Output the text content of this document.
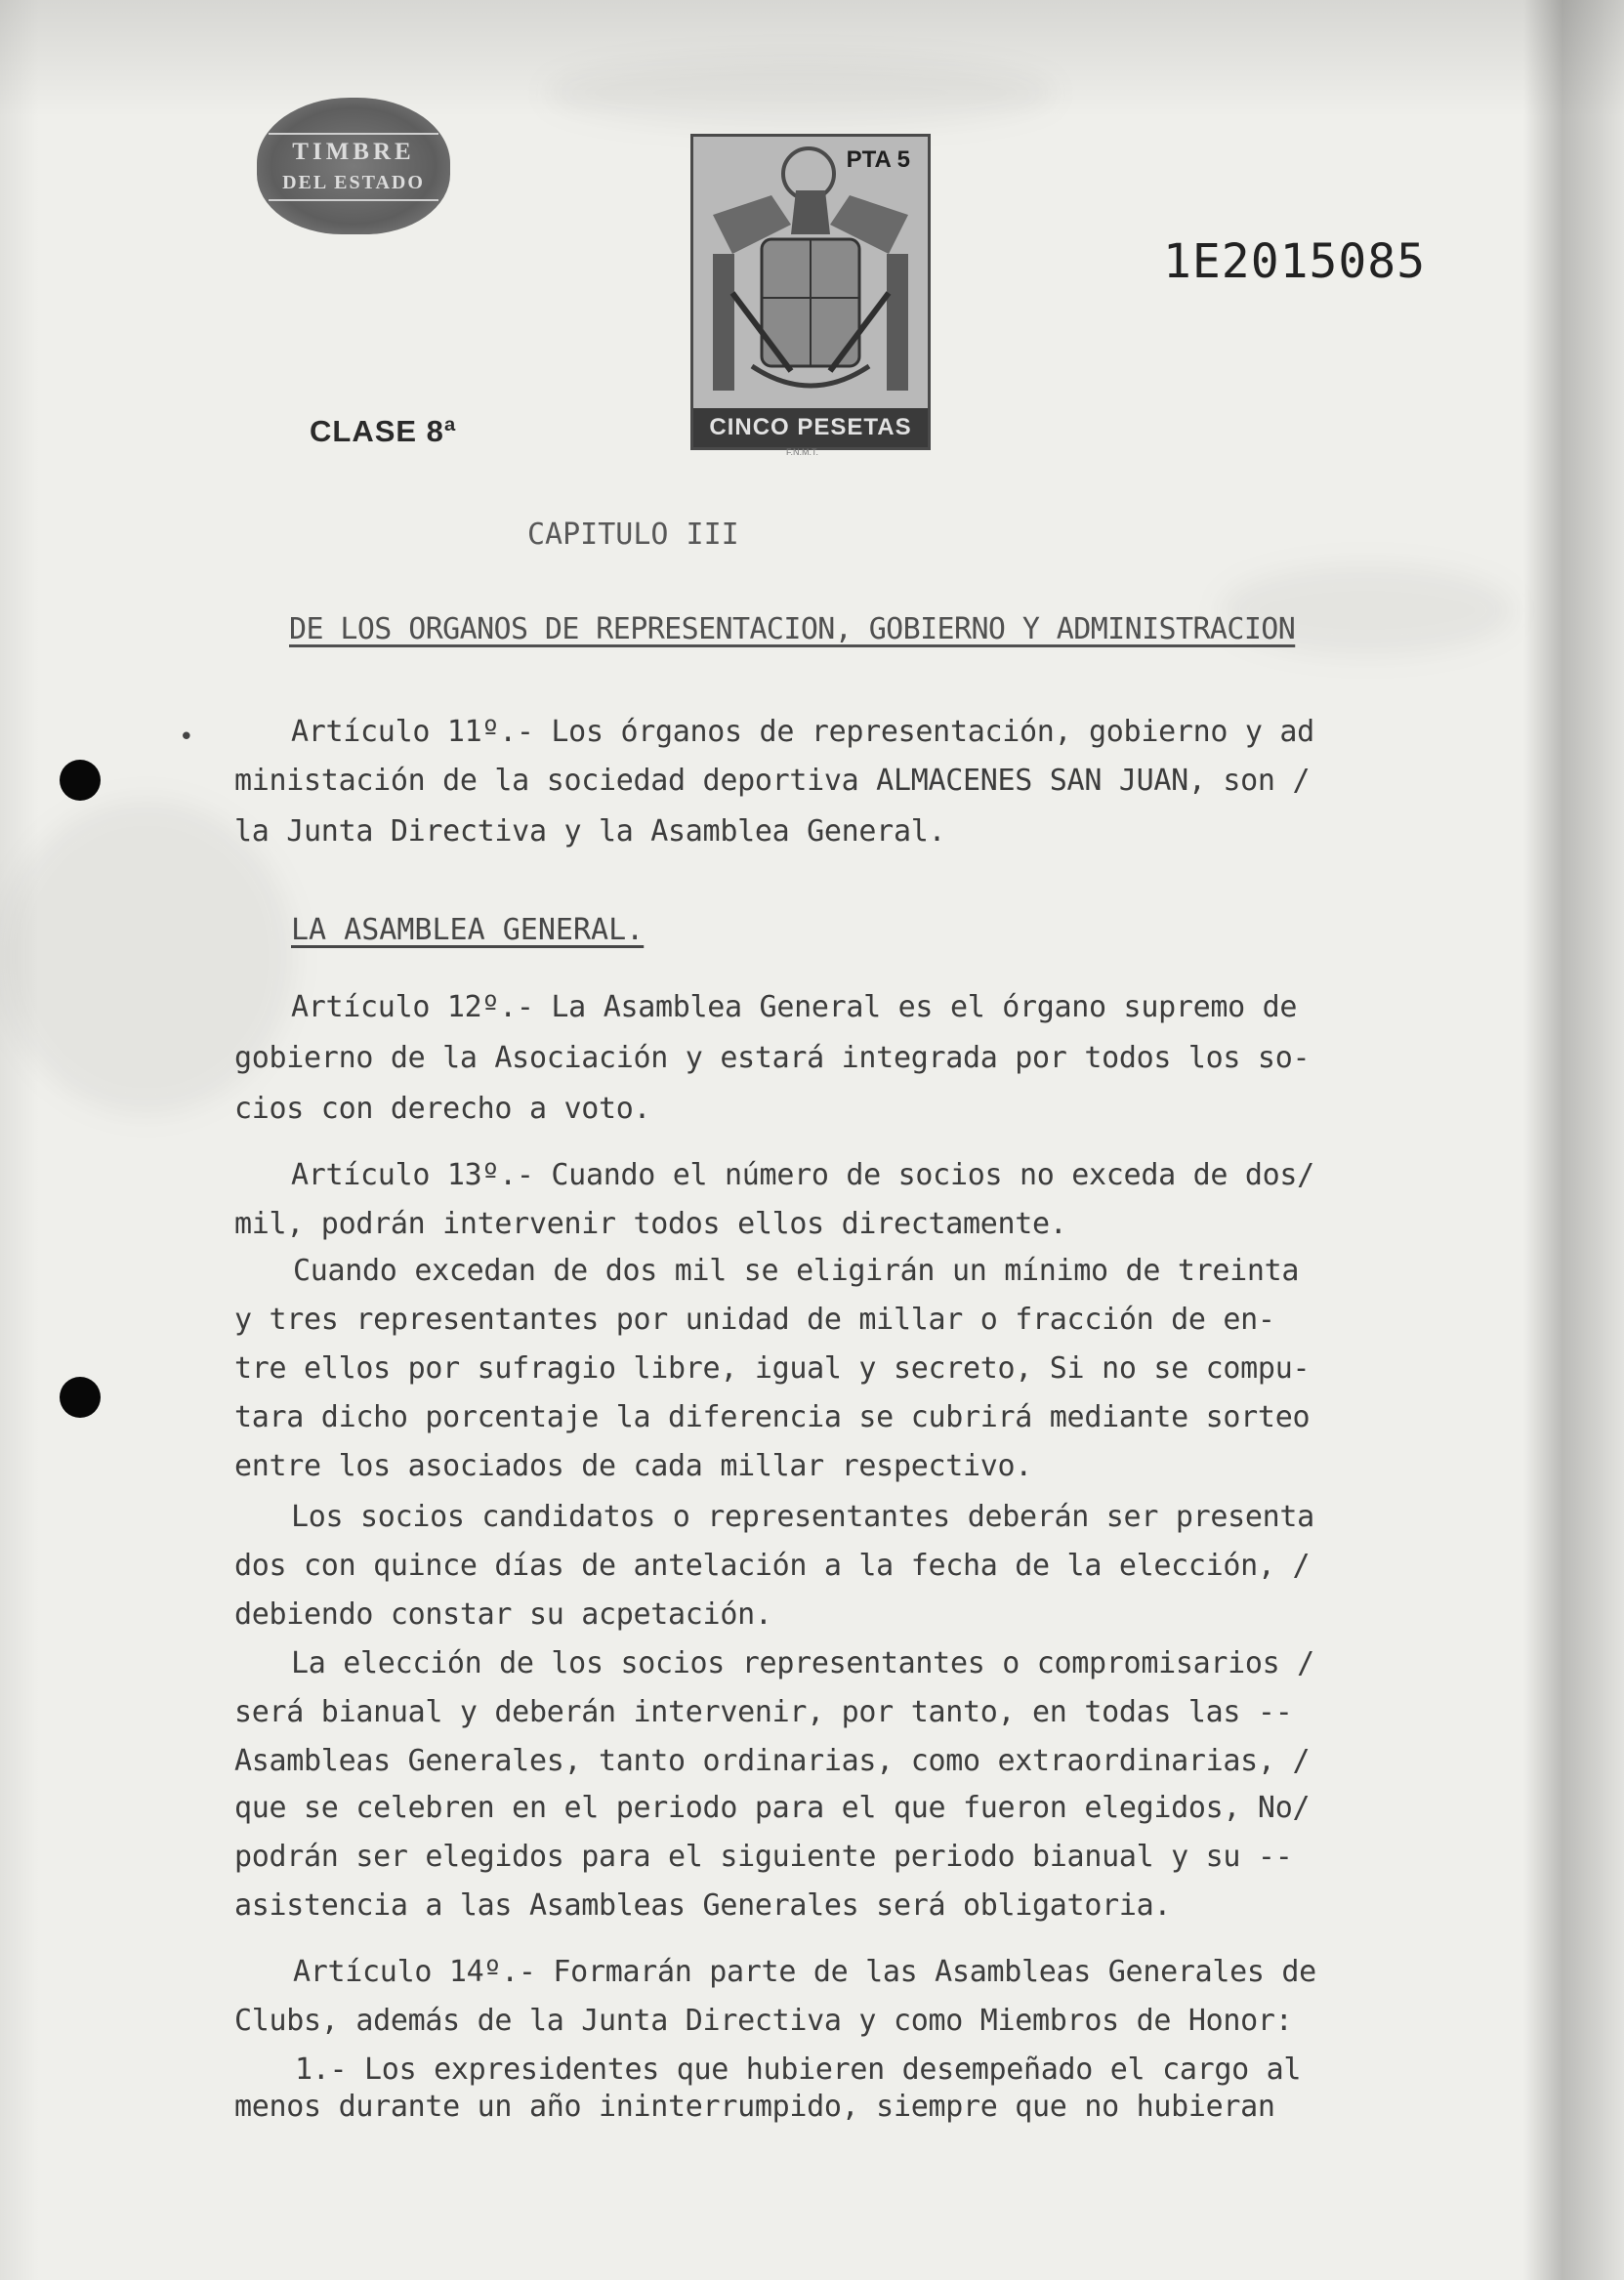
TIMBRE
DEL ESTADO
PTA 5
CINCO PESETAS
F.N.M.T.
1E2015085
CLASE 8ª
CAPITULO III
DE LOS ORGANOS DE REPRESENTACION, GOBIERNO Y ADMINISTRACION
•	Artículo 11º.- Los órganos de representación, gobierno y ad
ministación de la sociedad deportiva ALMACENES SAN JUAN, son /
la Junta Directiva y la Asamblea General.
LA ASAMBLEA GENERAL.
Artículo 12º.- La Asamblea General es el órgano supremo de
gobierno de la Asociación y estará integrada por todos los so-
cios con derecho a voto.
Artículo 13º.- Cuando el número de socios no exceda de dos/
mil, podrán intervenir todos ellos directamente.
Cuando excedan de dos mil se eligirán un mínimo de treinta
y tres representantes por unidad de millar o fracción de en-
tre ellos por sufragio libre, igual y secreto, Si no se compu-
tara dicho porcentaje la diferencia se cubrirá mediante sorteo
entre los asociados de cada millar respectivo.
Los socios candidatos o representantes deberán ser presenta
dos con quince días de antelación a la fecha de la elección, /
debiendo constar su acpetación.
La elección de los socios representantes o compromisarios /
será bianual y deberán intervenir, por tanto, en todas las --
Asambleas Generales, tanto ordinarias, como extraordinarias, /
que se celebren en el periodo para el que fueron elegidos, No/
podrán ser elegidos para el siguiente periodo bianual y su --
asistencia a las Asambleas Generales será obligatoria.
Artículo 14º.- Formarán parte de las Asambleas Generales de
Clubs, además de la Junta Directiva y como Miembros de Honor:
1.- Los expresidentes que hubieren desempeñado el cargo al
menos durante un año ininterrumpido, siempre que no hubieran
